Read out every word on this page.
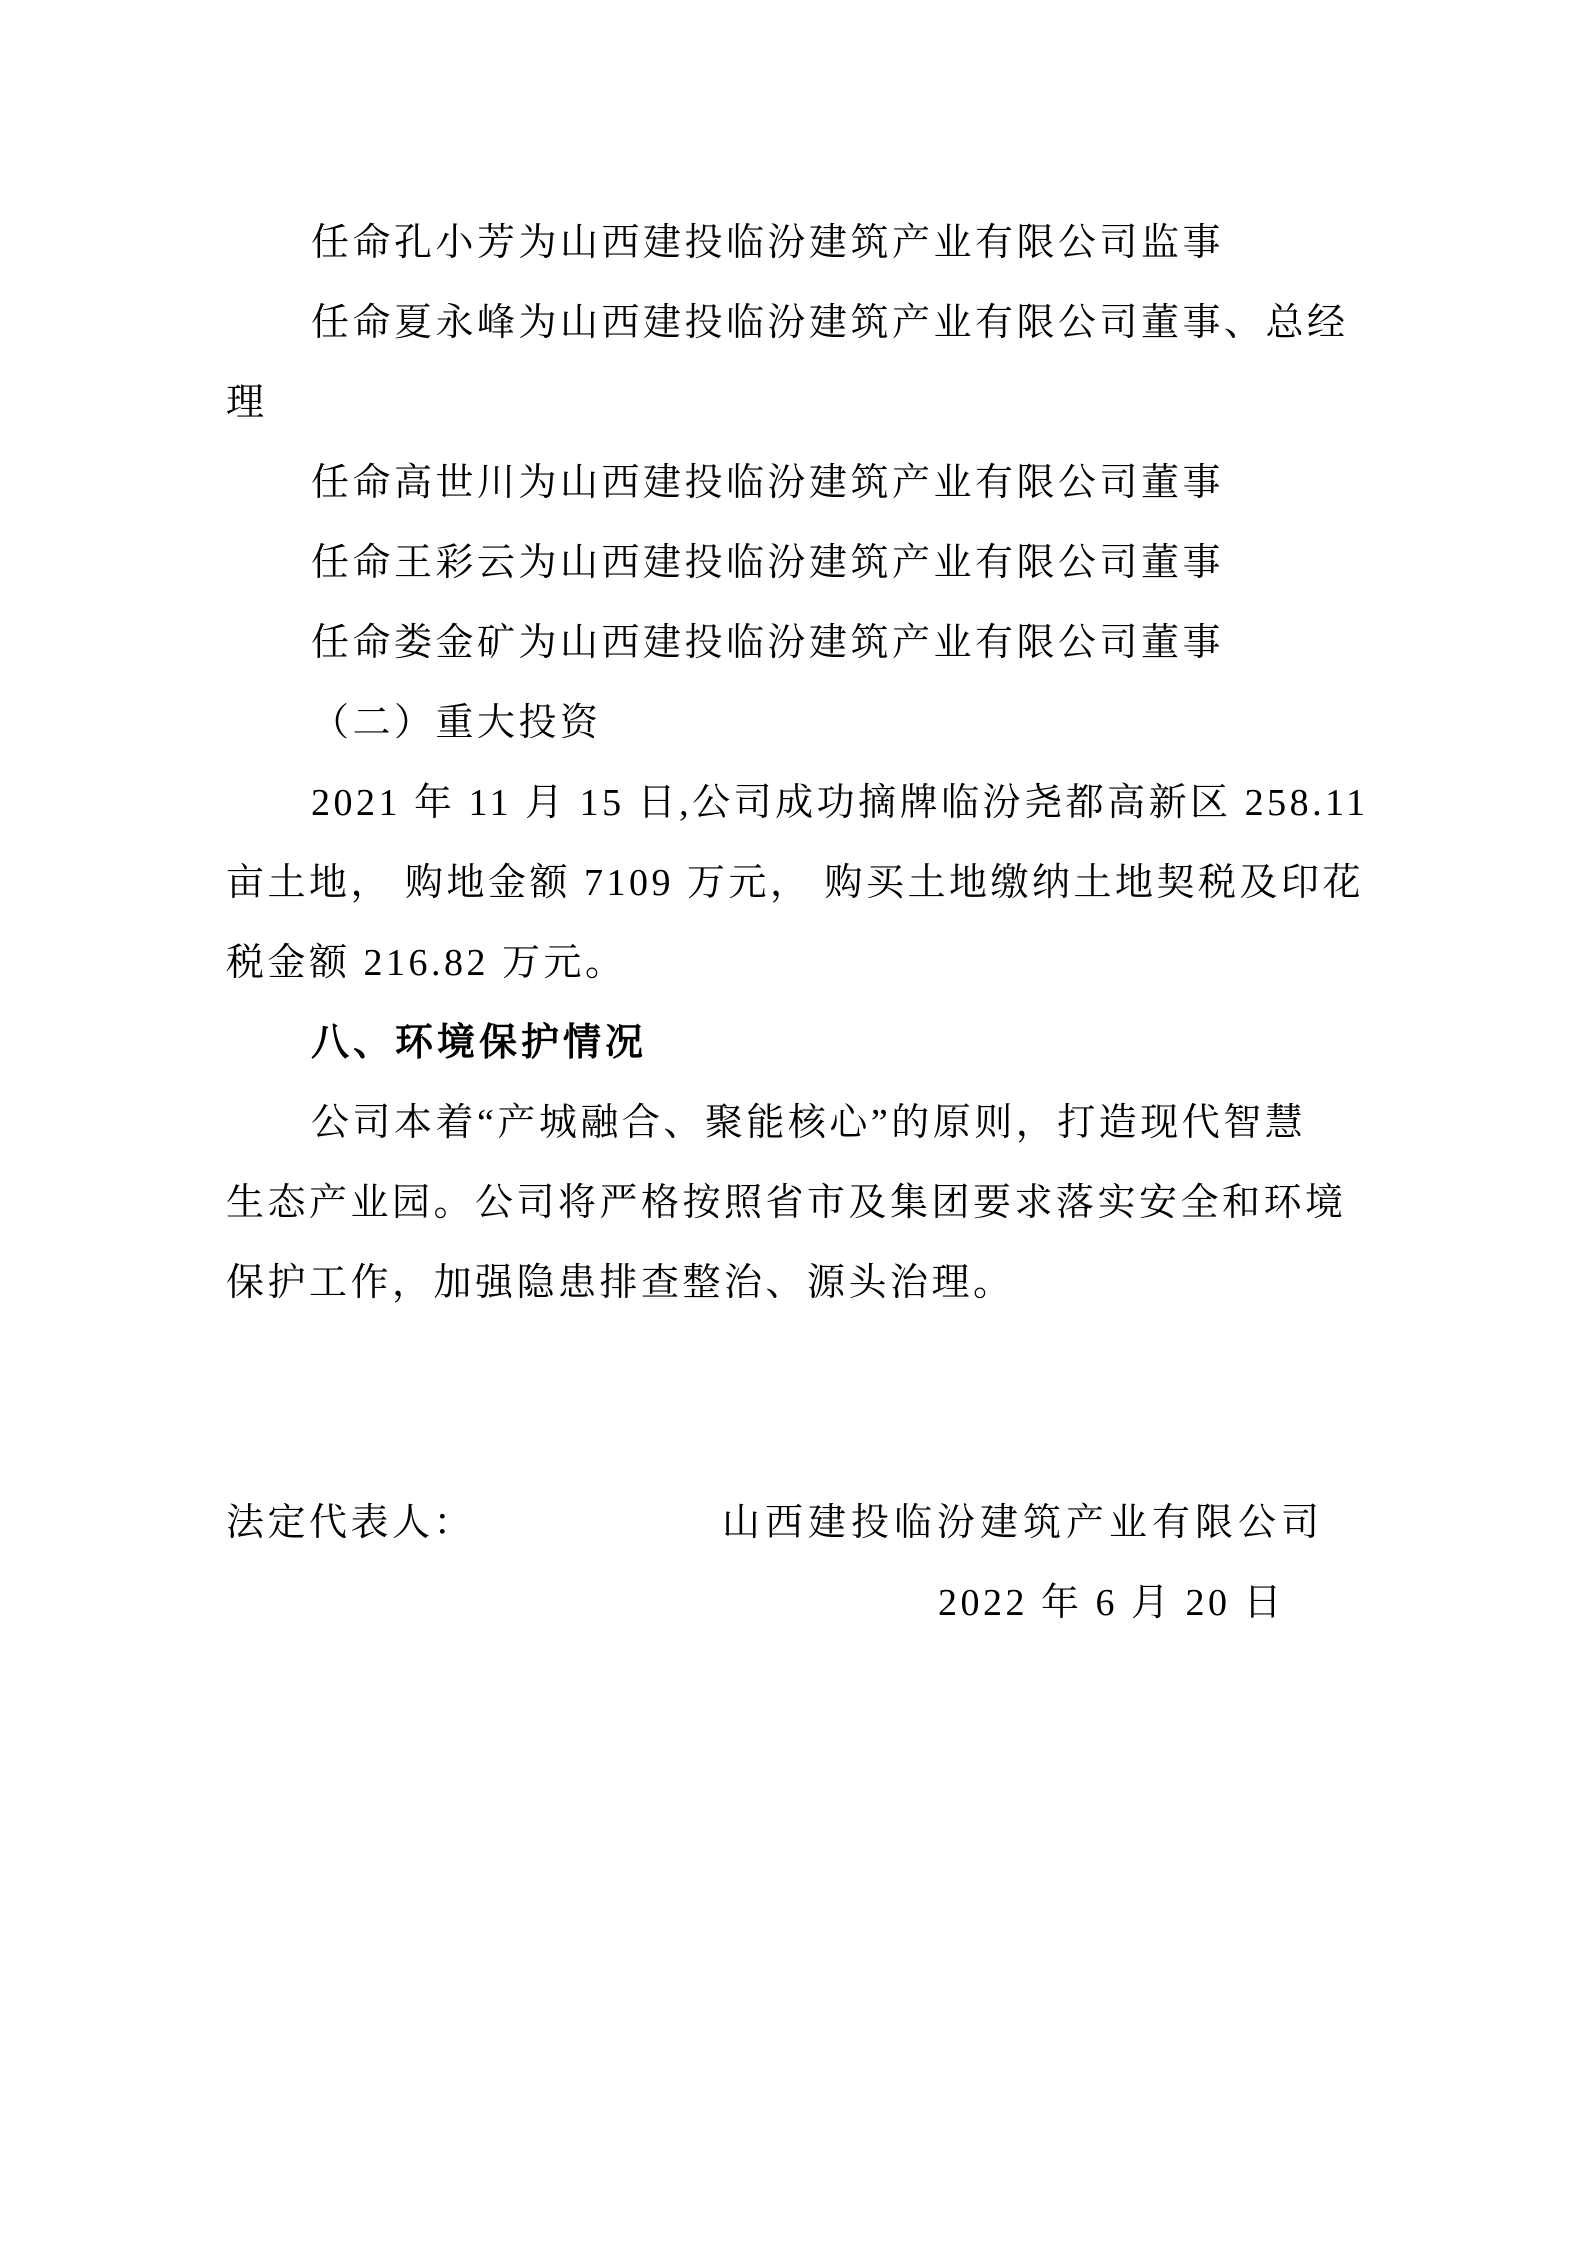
任命孔小芳为山西建投临汾建筑产业有限公司监事
任命夏永峰为山西建投临汾建筑产业有限公司董事、总经
理
任命高世川为山西建投临汾建筑产业有限公司董事
任命王彩云为山西建投临汾建筑产业有限公司董事
任命娄金矿为山西建投临汾建筑产业有限公司董事
（二）重大投资
2021 年 11 月 15 日,公司成功摘牌临汾尧都高新区 258.11
亩土地， 购地金额 7109 万元， 购买土地缴纳土地契税及印花
税金额 216.82 万元。
八、环境保护情况
公司本着“产城融合、聚能核心”的原则，打造现代智慧
生态产业园。公司将严格按照省市及集团要求落实安全和环境
保护工作，加强隐患排查整治、源头治理。
法定代表人：	山西建投临汾建筑产业有限公司
2022 年 6 月 20 日
